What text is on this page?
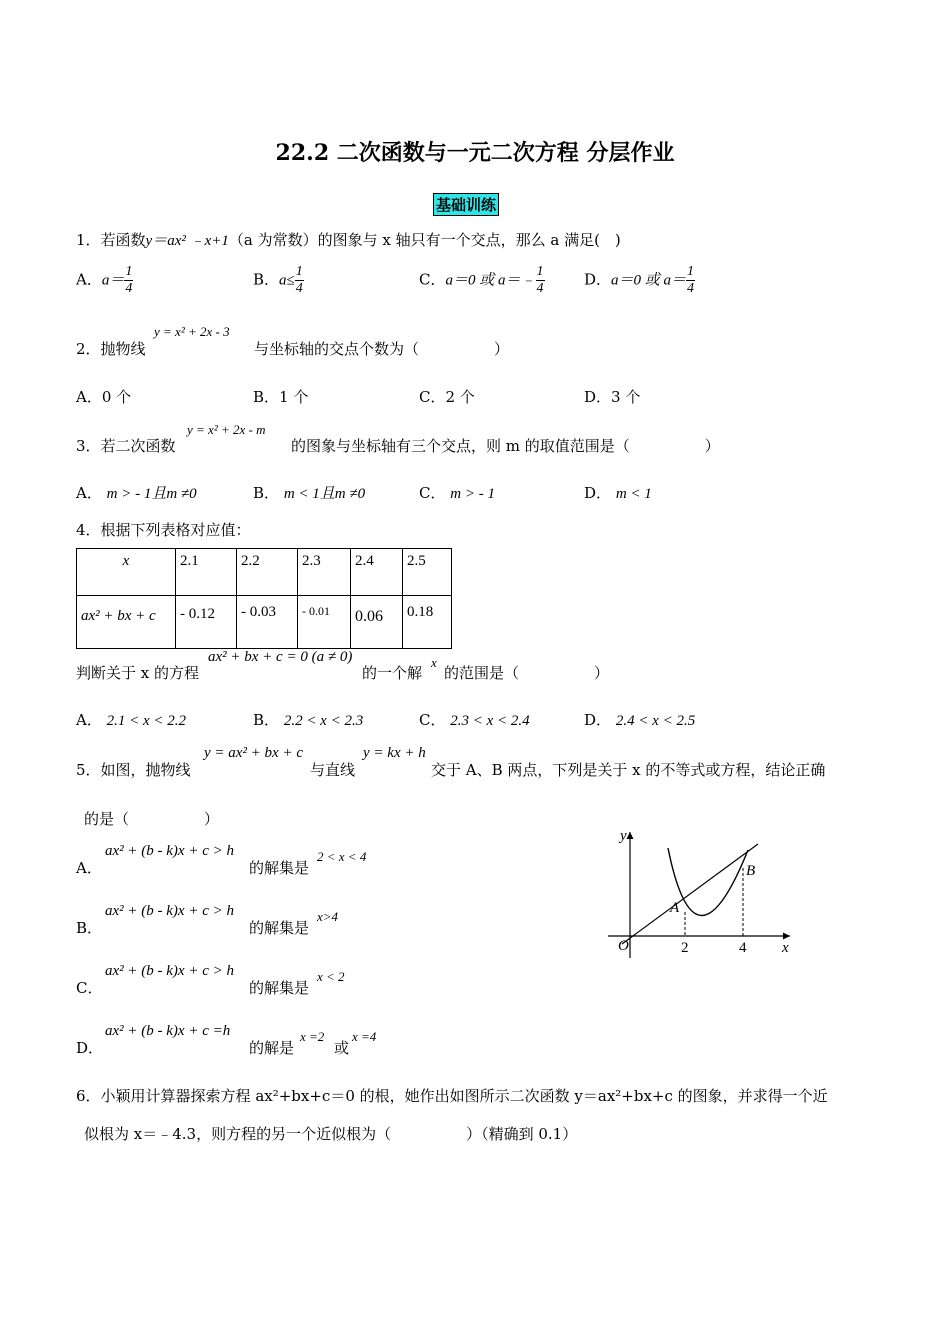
22.2 二次函数与一元二次方程 分层作业
基础训练
1．若函数y＝ax² ﹣x+1（a 为常数）的图象与 x 轴只有一个交点，那么 a 满足(　)
A．$a= \frac{1}{4}$	B．$a\le \frac{1}{4}$	C．a＝0 或 a＝﹣ $\frac{1}{4}$	D．a＝0 或 $a= \frac{1}{4}$
2．抛物线
y = x² + 2x - 3
与坐标轴的交点个数为（　　　　　）
A．0 个	B．1 个	C．2 个	D．3 个
3．若二次函数
y = x² + 2x - m
的图象与坐标轴有三个交点，则 m 的取值范围是（　　　　　）
A． m > - 1且m ≠0	B． m < 1且m ≠0	C． m > - 1	D． m < 1
4．根据下列表格对应值：
x	2.1	2.2	2.3	2.4	2.5
ax² + bx + c	- 0.12	- 0.03	- 0.01	0.06	0.18
判断关于 x 的方程
ax² + bx + c = 0 (a ≠ 0)
的一个解
x
的范围是（　　　　　）
A． 2.1 < x < 2.2	B． 2.2 < x < 2.3	C． 2.3 < x < 2.4	D． 2.4 < x < 2.5
5．如图，抛物线
y = ax² + bx + c
与直线
y = kx + h
交于 A、B 两点，下列是关于 x 的不等式或方程，结论正确
的是（　　　　　）
A．
ax² + (b - k)x + c > h
的解集是
2 < x < 4
B．
ax² + (b - k)x + c > h
的解集是
x>4
C．
ax² + (b - k)x + c > h
的解集是
x < 2
D．
ax² + (b - k)x + c =h
的解是
x =2
或
x =4
y
x
O
A
B
2	4
6．小颖用计算器探索方程 ax²+bx+c＝0 的根，她作出如图所示二次函数 y＝ax²+bx+c 的图象，并求得一个近
似根为 x＝﹣4.3，则方程的另一个近似根为（　　　　　）（精确到 0.1）
